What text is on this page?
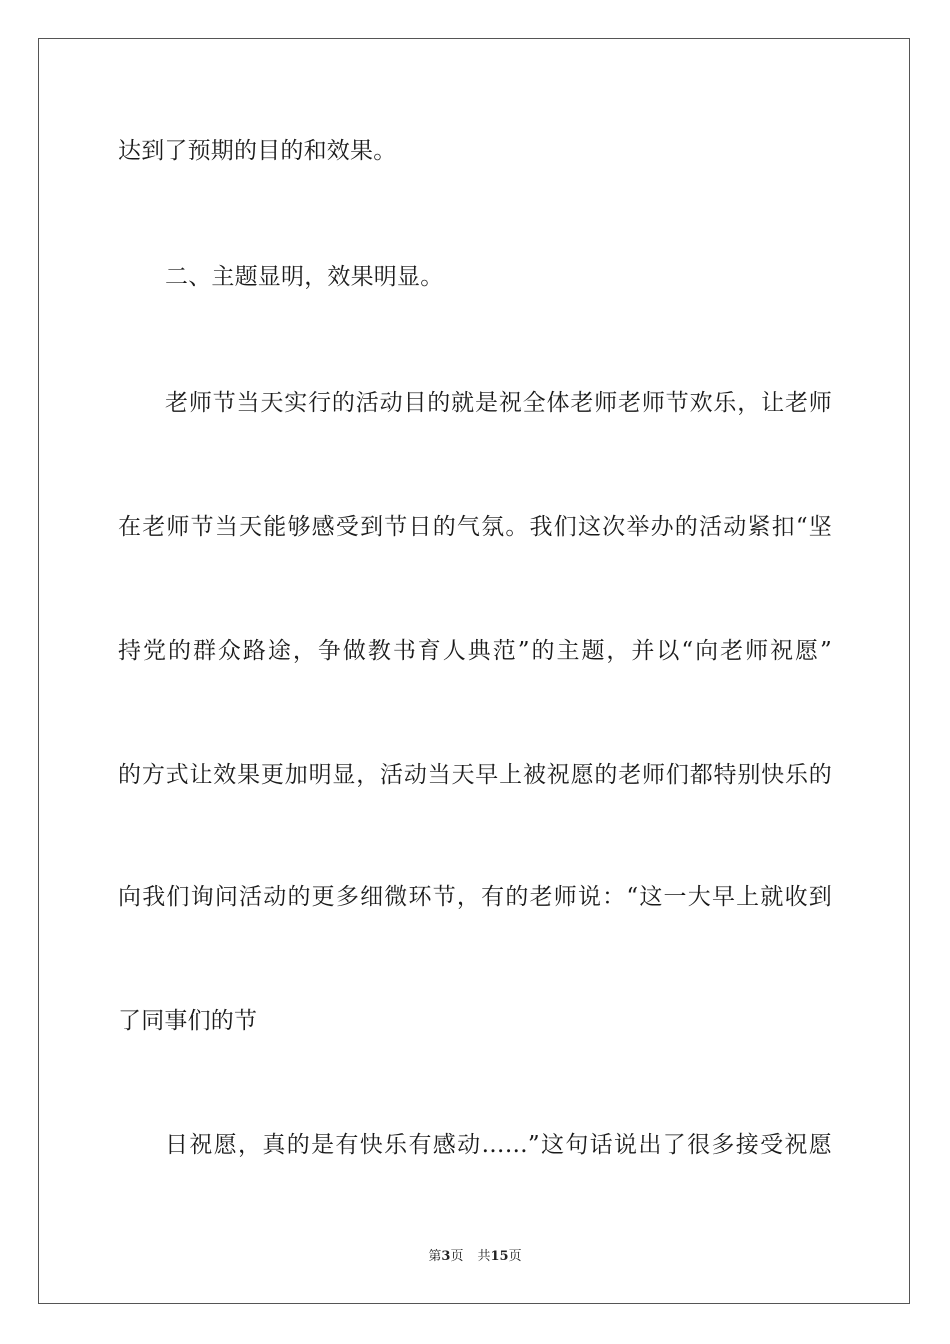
达到了预期的目的和效果。
二、主题显明，效果明显。
老师节当天实行的活动目的就是祝全体老师老师节欢乐，让老师
在老师节当天能够感受到节日的气氛。我们这次举办的活动紧扣“坚
持党的群众路途，争做教书育人典范”的主题，并以“向老师祝愿”
的方式让效果更加明显，活动当天早上被祝愿的老师们都特别快乐的
向我们询问活动的更多细微环节，有的老师说：“这一大早上就收到
了同事们的节
日祝愿，真的是有快乐有感动……”这句话说出了很多接受祝愿
第3页 共15页
